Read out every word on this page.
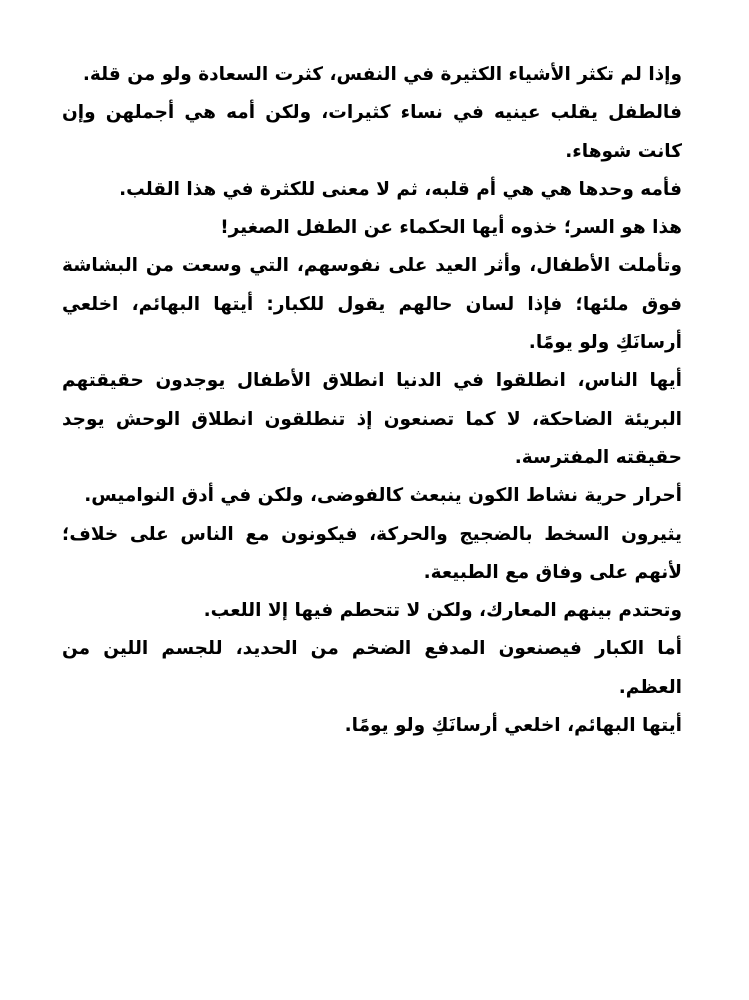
وإذا لم تكثر الأشياء الكثيرة في النفس، كثرت السعادة ولو من قلة.

فالطفل يقلب عينيه في نساء كثيرات، ولكن أمه هي أجملهن وإن كانت شوهاء.

فأمه وحدها هي هي أم قلبه، ثم لا معنى للكثرة في هذا القلب.

هذا هو السر؛ خذوه أيها الحكماء عن الطفل الصغير!

وتأملت الأطفال، وأثر العيد على نفوسهم، التي وسعت من البشاشة فوق ملئها؛ فإذا لسان حالهم يقول للكبار: أيتها البهائم، اخلعي أرسانَكِ ولو يومًا.

أيها الناس، انطلقوا في الدنيا انطلاق الأطفال يوجدون حقيقتهم البريئة الضاحكة، لا كما تصنعون إذ تنطلقون انطلاق الوحش يوجد حقيقته المفترسة.

أحرار حرية نشاط الكون ينبعث كالفوضى، ولكن في أدق النواميس.

يثيرون السخط بالضجيج والحركة، فيكونون مع الناس على خلاف؛ لأنهم على وفاق مع الطبيعة.

وتحتدم بينهم المعارك، ولكن لا تتحطم فيها إلا اللعب.

أما الكبار فيصنعون المدفع الضخم من الحديد، للجسم اللين من العظم.

أيتها البهائم، اخلعي أرسانَكِ ولو يومًا.
